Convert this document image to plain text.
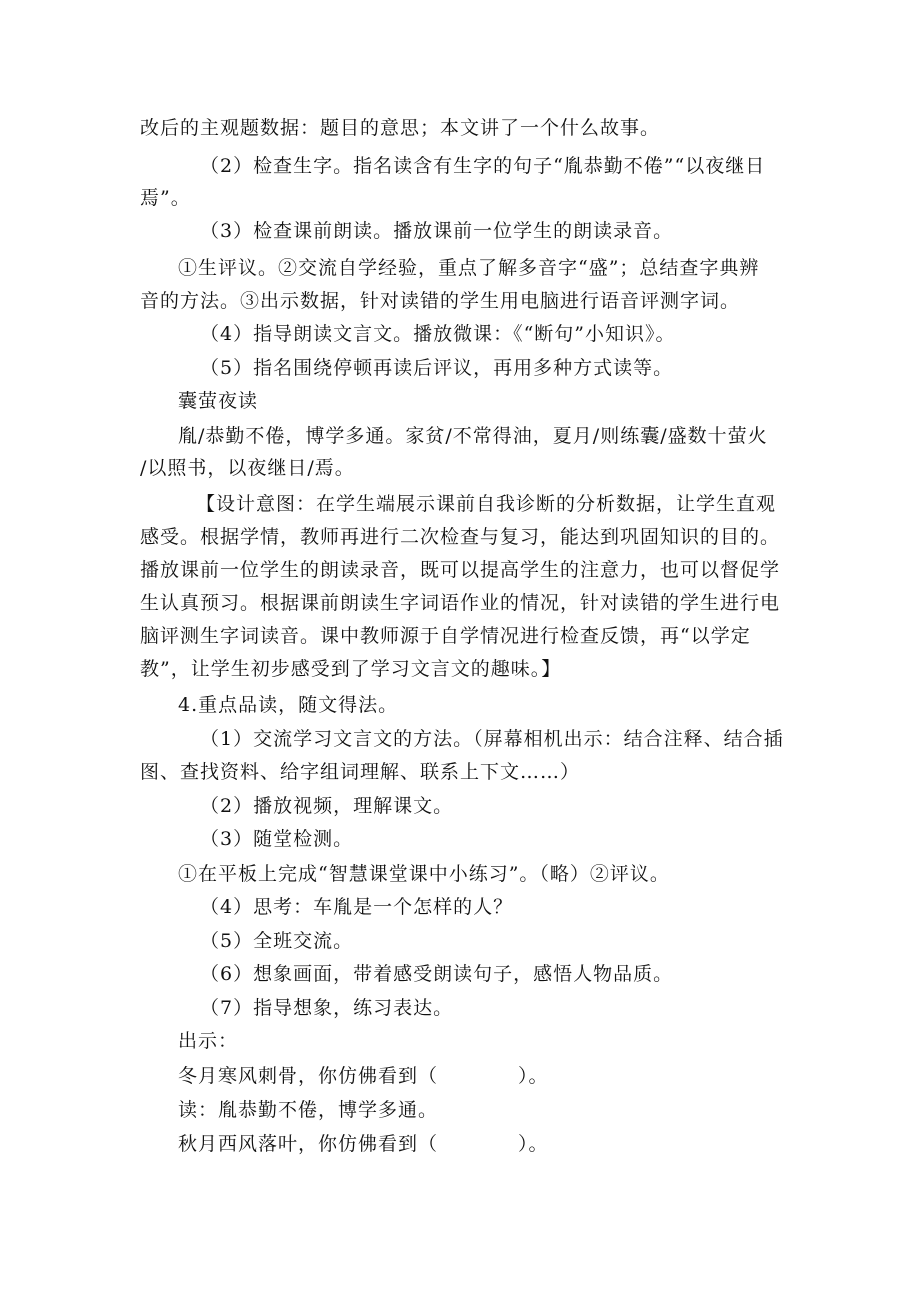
改后的主观题数据：题目的意思；本文讲了一个什么故事。
（2）检查生字。指名读含有生字的句子“胤恭勤不倦”“以夜继日
焉”。
（3）检查课前朗读。播放课前一位学生的朗读录音。
①生评议。②交流自学经验，重点了解多音字“盛”；总结查字典辨
音的方法。③出示数据，针对读错的学生用电脑进行语音评测字词。
（4）指导朗读文言文。播放微课：《“断句”小知识》。
（5）指名围绕停顿再读后评议，再用多种方式读等。
囊萤夜读
胤/恭勤不倦，博学多通。家贫/不常得油，夏月/则练囊/盛数十萤火
/以照书，以夜继日/焉。
【设计意图：在学生端展示课前自我诊断的分析数据，让学生直观
感受。根据学情，教师再进行二次检查与复习，能达到巩固知识的目的。
播放课前一位学生的朗读录音，既可以提高学生的注意力，也可以督促学
生认真预习。根据课前朗读生字词语作业的情况，针对读错的学生进行电
脑评测生字词读音。课中教师源于自学情况进行检查反馈，再“以学定
教”，让学生初步感受到了学习文言文的趣味。】
4.重点品读，随文得法。
（1）交流学习文言文的方法。（屏幕相机出示：结合注释、结合插
图、查找资料、给字组词理解、联系上下文……）
（2）播放视频，理解课文。
（3）随堂检测。
①在平板上完成“智慧课堂课中小练习”。（略）②评议。
（4）思考：车胤是一个怎样的人？
（5）全班交流。
（6）想象画面，带着感受朗读句子，感悟人物品质。
（7）指导想象，练习表达。
出示：
冬月寒风刺骨，你仿佛看到（　　　　）。
读：胤恭勤不倦，博学多通。
秋月西风落叶，你仿佛看到（　　　　）。
